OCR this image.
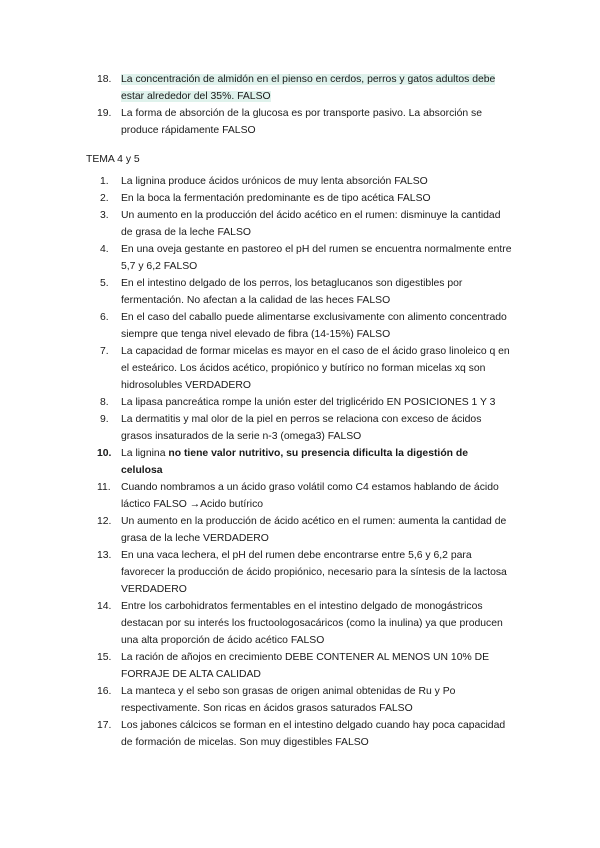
18. La concentración de almidón en el pienso en cerdos, perros y gatos adultos debe estar alrededor del 35%. FALSO
19. La forma de absorción de la glucosa es por transporte pasivo. La absorción se produce rápidamente FALSO
TEMA 4 y 5
1.	La lignina produce ácidos urónicos de muy lenta absorción FALSO
2.	En la boca la fermentación predominante es de tipo acética FALSO
3.	Un aumento en la producción del ácido acético en el rumen: disminuye la cantidad de grasa de la leche FALSO
4.	En una oveja gestante en pastoreo el pH del rumen se encuentra normalmente entre 5,7 y 6,2 FALSO
5.	En el intestino delgado de los perros, los betaglucanos son digestibles por fermentación. No afectan a la calidad de las heces FALSO
6.	En el caso del caballo puede alimentarse exclusivamente con alimento concentrado siempre que tenga nivel elevado de fibra (14-15%) FALSO
7.	La capacidad de formar micelas es mayor en el caso de el ácido graso linoleico q en el esteárico. Los ácidos acético, propiónico y butírico no forman micelas xq son hidrosolubles VERDADERO
8.	La lipasa pancreática rompe la unión ester del triglicérido EN POSICIONES 1 Y 3
9.	La dermatitis y mal olor de la piel en perros se relaciona con exceso de ácidos grasos insaturados de la serie n-3 (omega3) FALSO
10. La lignina no tiene valor nutritivo, su presencia dificulta la digestión de celulosa
11. Cuando nombramos a un ácido graso volátil como C4 estamos hablando de ácido láctico FALSO →Acido butírico
12. Un aumento en la producción de ácido acético en el rumen: aumenta la cantidad de grasa de la leche VERDADERO
13. En una vaca lechera, el pH del rumen debe encontrarse entre 5,6 y 6,2 para favorecer la producción de ácido propiónico, necesario para la síntesis de la lactosa VERDADERO
14. Entre los carbohidratos fermentables en el intestino delgado de monogástricos destacan por su interés los fructoologosacáricos (como la inulina) ya que producen una alta proporción de ácido acético FALSO
15. La ración de añojos en crecimiento DEBE CONTENER AL MENOS UN 10% DE FORRAJE DE ALTA CALIDAD
16. La manteca y el sebo son grasas de origen animal obtenidas de Ru y Po respectivamente. Son ricas en ácidos grasos saturados FALSO
17. Los jabones cálcicos se forman en el intestino delgado cuando hay poca capacidad de formación de micelas. Son muy digestibles FALSO
